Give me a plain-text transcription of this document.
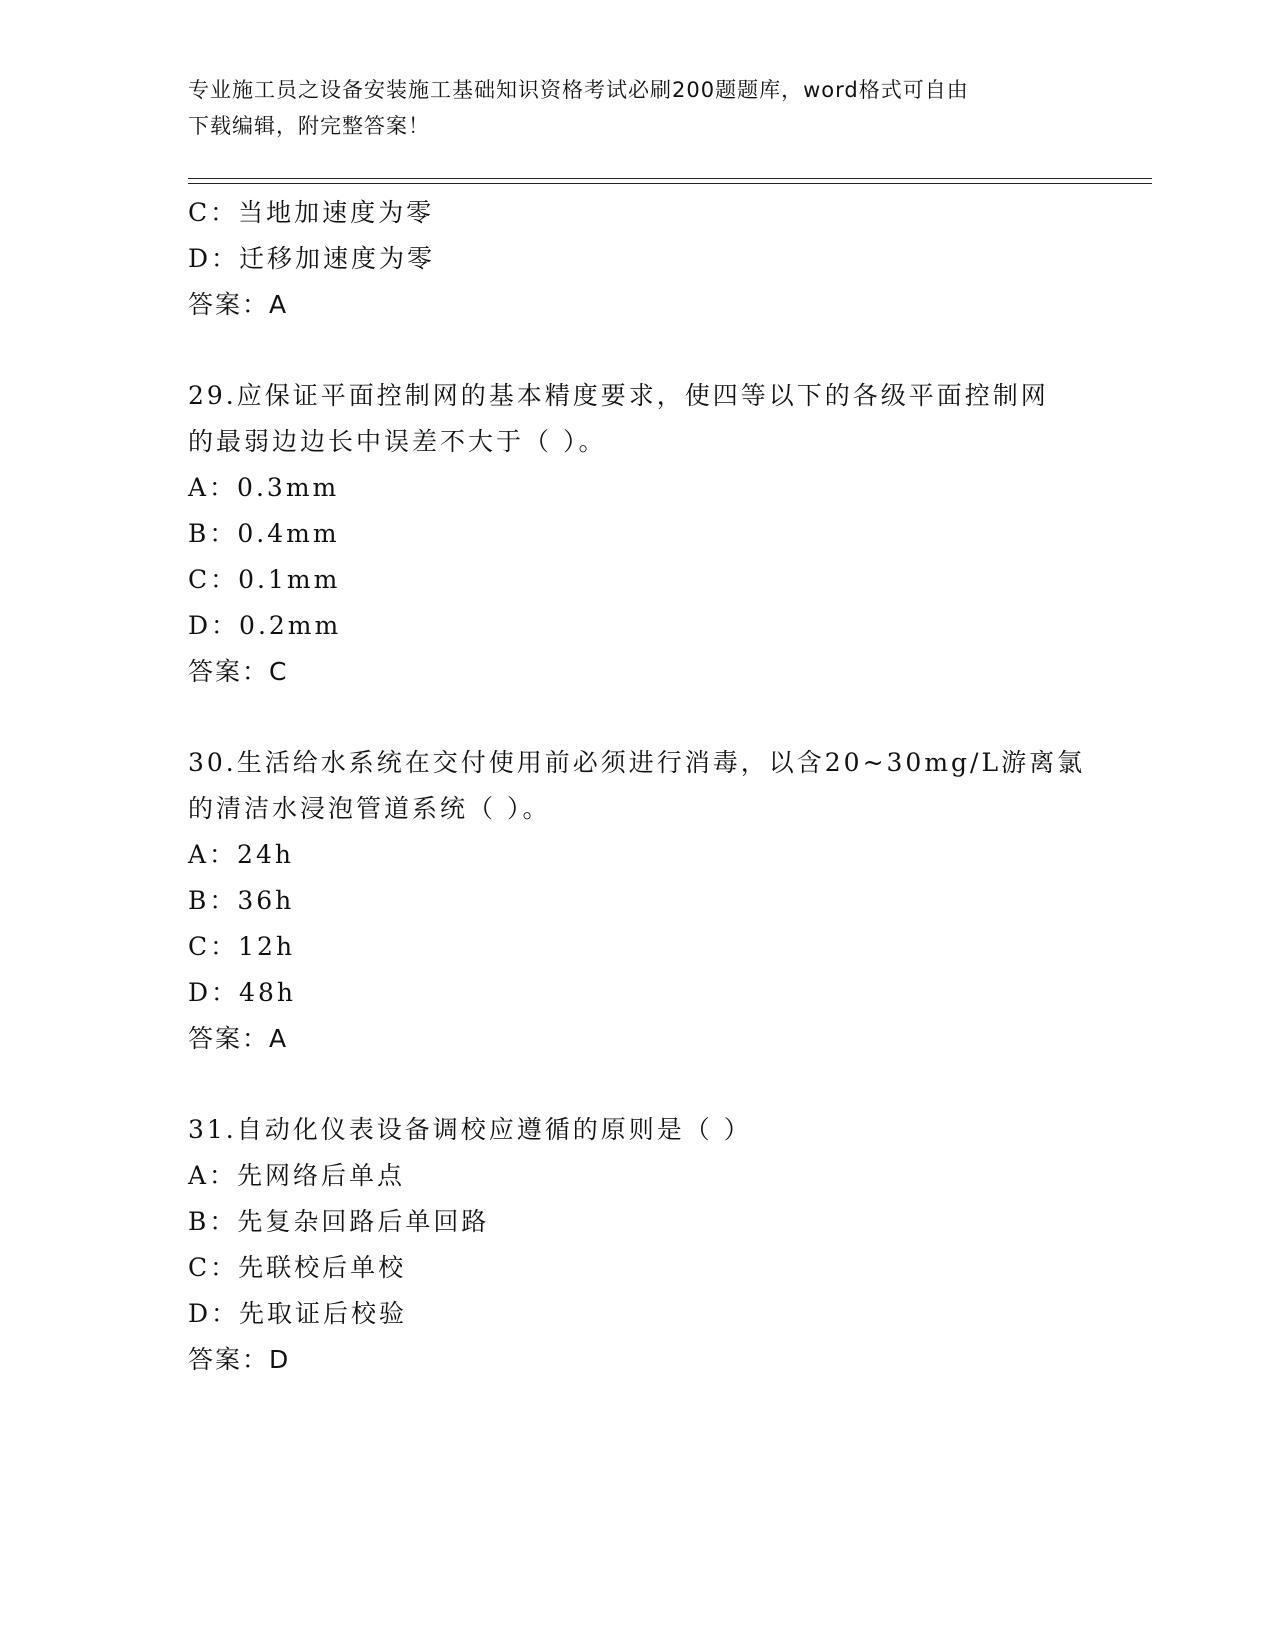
专业施工员之设备安装施工基础知识资格考试必刷200题题库，word格式可自由
下载编辑，附完整答案！
C：当地加速度为零
D：迁移加速度为零
答案：A
29.应保证平面控制网的基本精度要求，使四等以下的各级平面控制网
的最弱边边长中误差不大于（ ）。
A：0.3mm
B：0.4mm
C：0.1mm
D：0.2mm
答案：C
30.生活给水系统在交付使用前必须进行消毒，以含20~30mg/L游离氯
的清洁水浸泡管道系统（ ）。
A：24h
B：36h
C：12h
D：48h
答案：A
31.自动化仪表设备调校应遵循的原则是（ ）
A：先网络后单点
B：先复杂回路后单回路
C：先联校后单校
D：先取证后校验
答案：D
